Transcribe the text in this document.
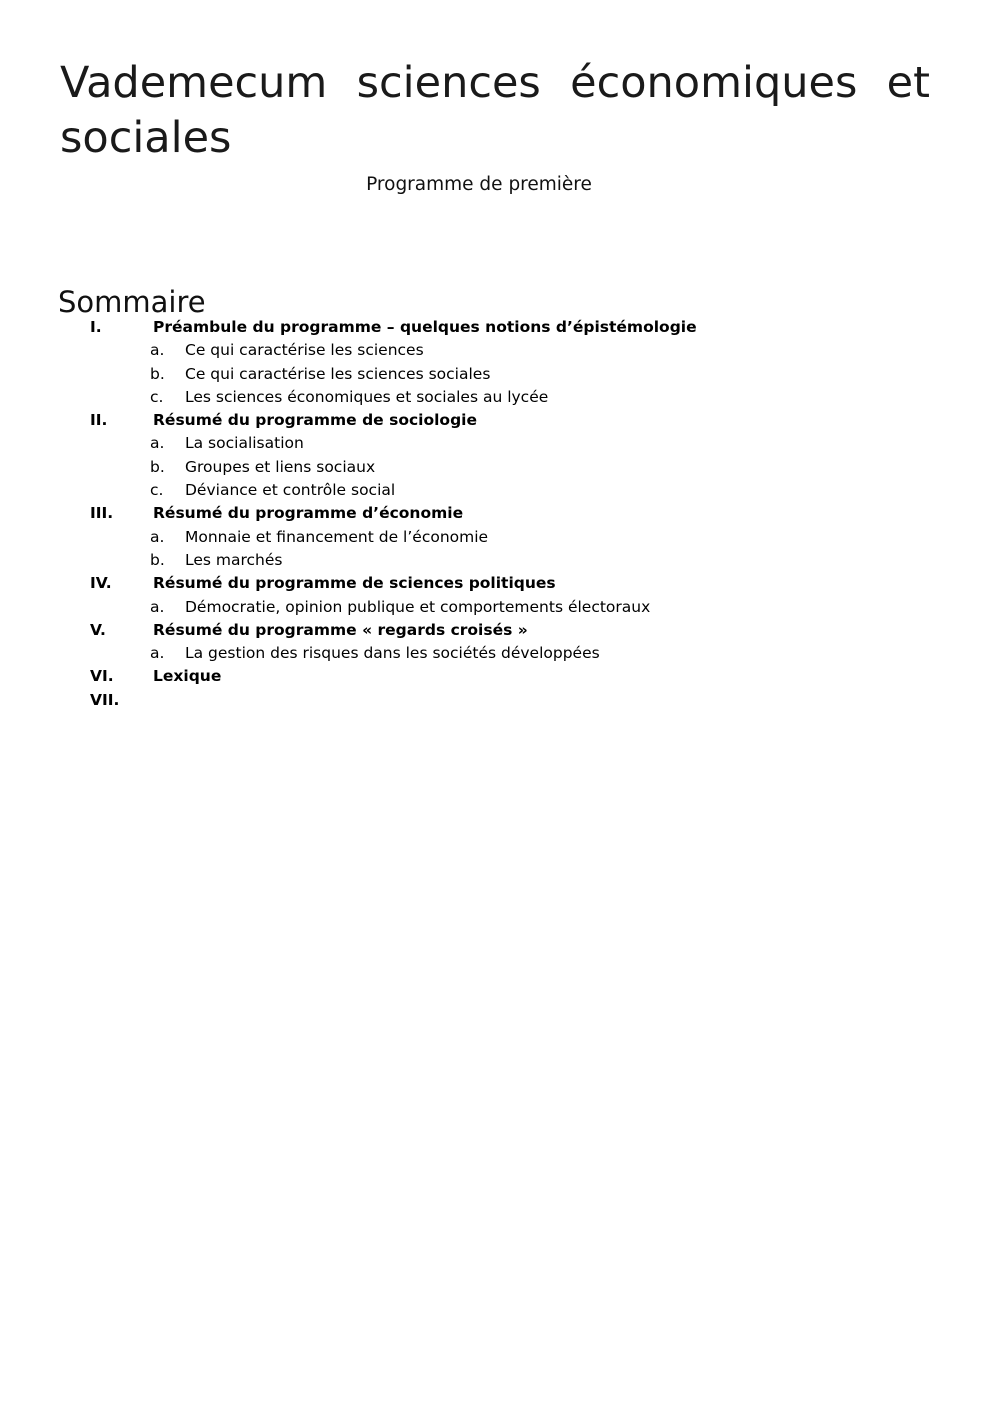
Vademecum sciences économiques et
sociales
Programme de première
Sommaire
I.	Préambule du programme – quelques notions d’épistémologie
a.	Ce qui caractérise les sciences
b.	Ce qui caractérise les sciences sociales
c.	Les sciences économiques et sociales au lycée
II.	Résumé du programme de sociologie
a.	La socialisation
b.	Groupes et liens sociaux
c.	Déviance et contrôle social
III.	Résumé du programme d’économie
a.	Monnaie et financement de l’économie
b.	Les marchés
IV.	Résumé du programme de sciences politiques
a.	Démocratie, opinion publique et comportements électoraux
V.	Résumé du programme « regards croisés »
a.	La gestion des risques dans les sociétés développées
VI.	Lexique
VII.
